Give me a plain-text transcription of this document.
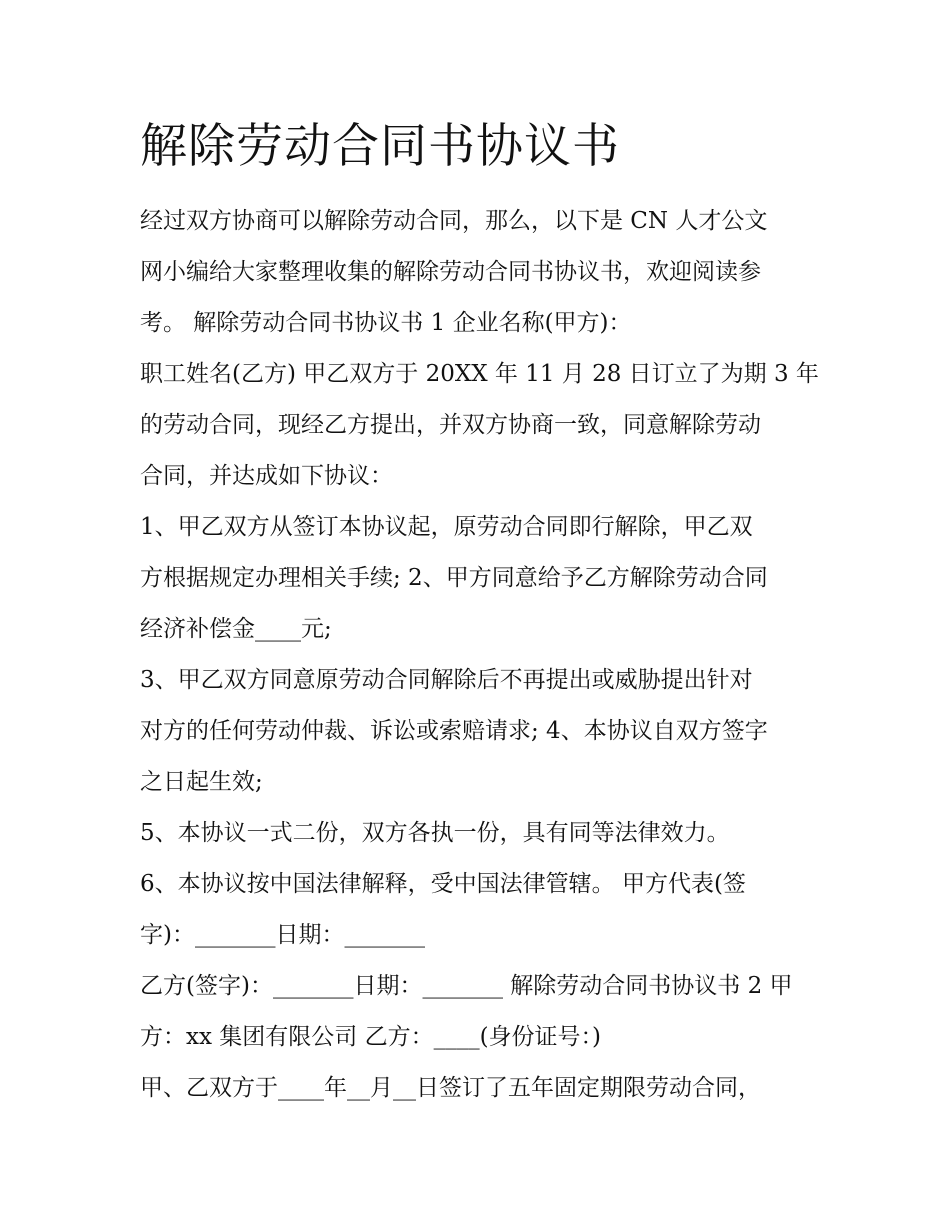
解除劳动合同书协议书
经过双方协商可以解除劳动合同，那么，以下是 CN 人才公文
网小编给大家整理收集的解除劳动合同书协议书，欢迎阅读参
考。 解除劳动合同书协议书 1 企业名称(甲方)：
职工姓名(乙方) 甲乙双方于 20XX 年 11 月 28 日订立了为期 3 年
的劳动合同，现经乙方提出，并双方协商一致，同意解除劳动
合同，并达成如下协议：
1、甲乙双方从签订本协议起，原劳动合同即行解除，甲乙双
方根据规定办理相关手续; 2、甲方同意给予乙方解除劳动合同
经济补偿金____元;
3、甲乙双方同意原劳动合同解除后不再提出或威胁提出针对
对方的任何劳动仲裁、诉讼或索赔请求; 4、本协议自双方签字
之日起生效;
5、本协议一式二份，双方各执一份，具有同等法律效力。
6、本协议按中国法律解释，受中国法律管辖。 甲方代表(签
字)：_______日期：_______
乙方(签字)：_______日期：_______ 解除劳动合同书协议书 2 甲
方：xx 集团有限公司 乙方：____(身份证号：)
甲、乙双方于____年__月__日签订了五年固定期限劳动合同，
